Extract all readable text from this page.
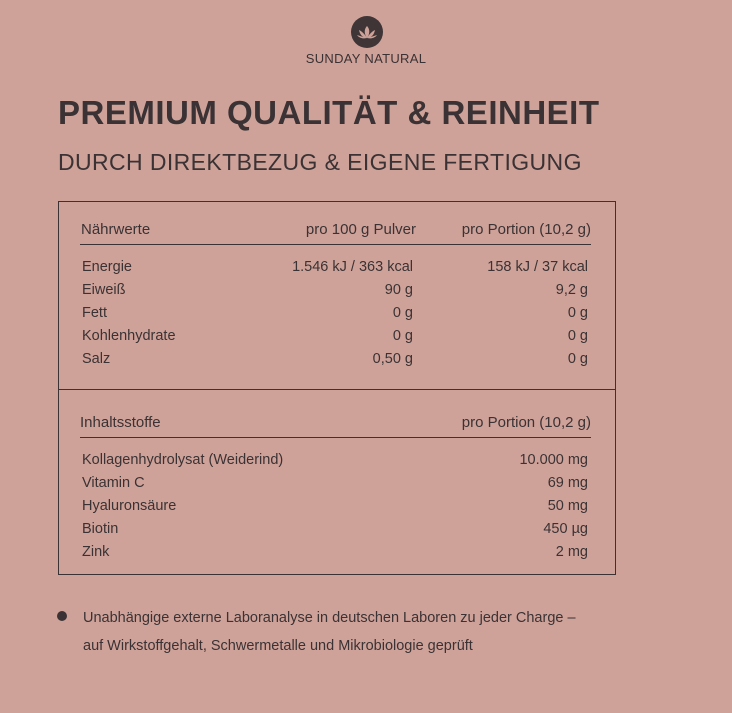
SUNDAY NATURAL
PREMIUM QUALITÄT & REINHEIT
DURCH DIREKTBEZUG & EIGENE FERTIGUNG
Nährwerte	pro 100 g Pulver	pro Portion (10,2 g)
Energie	1.546 kJ / 363 kcal	158 kJ / 37 kcal
Eiweiß	90 g	9,2 g
Fett	0 g	0 g
Kohlenhydrate	0 g	0 g
Salz	0,50 g	0 g
Inhaltsstoffe	pro Portion (10,2 g)
Kollagenhydrolysat (Weiderind)	10.000 mg
Vitamin C	69 mg
Hyaluronsäure	50 mg
Biotin	450 µg
Zink	2 mg
Unabhängige externe Laboranalyse in deutschen Laboren zu jeder Charge –
auf Wirkstoffgehalt, Schwermetalle und Mikrobiologie geprüft
